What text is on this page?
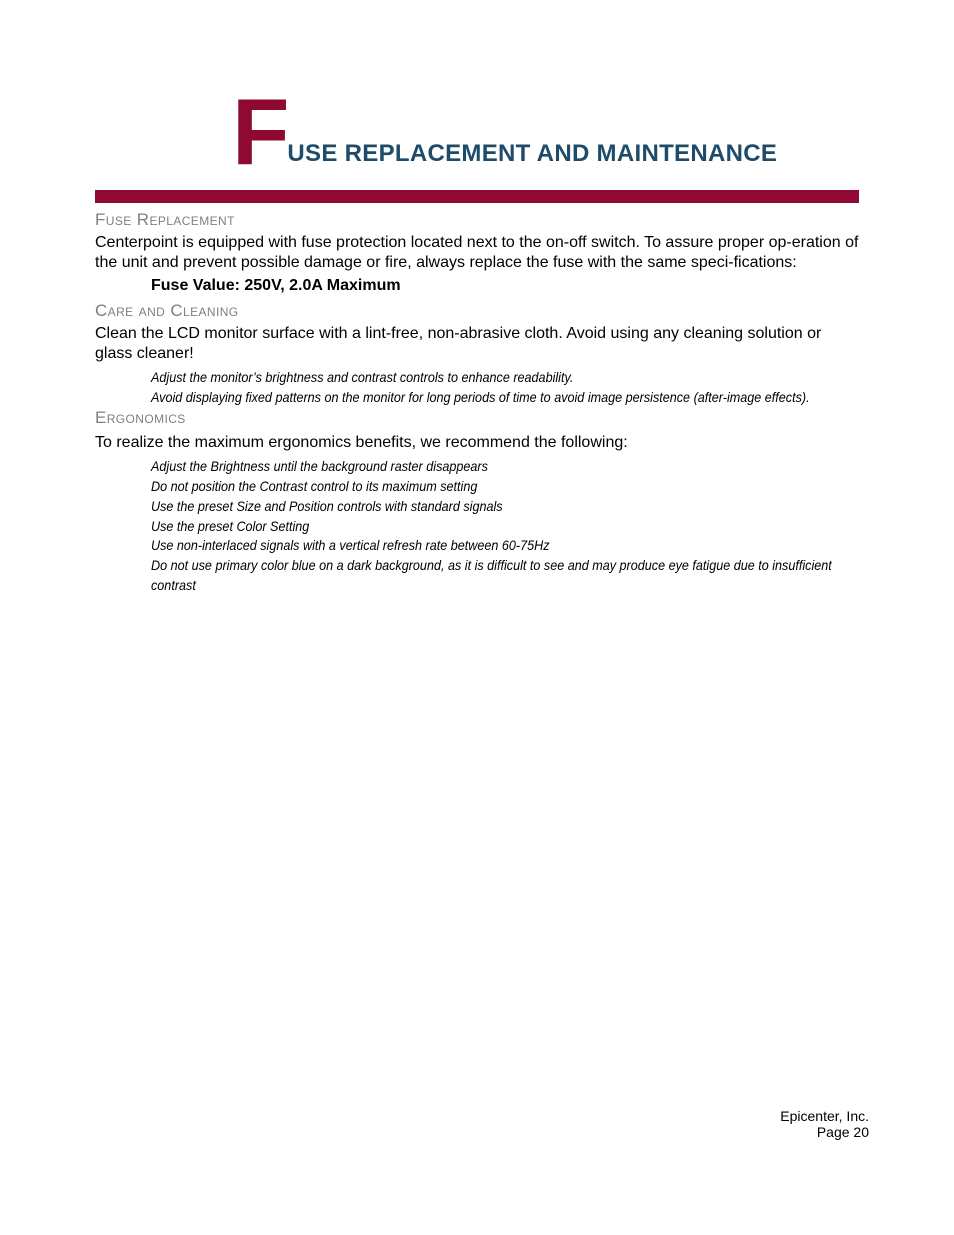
FUSE REPLACEMENT AND MAINTENANCE
Fuse Replacement

Centerpoint is equipped with fuse protection located next to the on-off switch. To assure proper op-eration of the unit and prevent possible damage or fire, always replace the fuse with the same speci-fications:

Fuse Value: 250V, 2.0A Maximum

Care and Cleaning

Clean the LCD monitor surface with a lint-free, non-abrasive cloth. Avoid using any cleaning solution or glass cleaner!

Adjust the monitor’s brightness and contrast controls to enhance readability.
Avoid displaying fixed patterns on the monitor for long periods of time to avoid image persistence (after-image effects).
Ergonomics

To realize the maximum ergonomics benefits, we recommend the following:

Adjust the Brightness until the background raster disappears
Do not position the Contrast control to its maximum setting
Use the preset Size and Position controls with standard signals
Use the preset Color Setting
Use non-interlaced signals with a vertical refresh rate between 60-75Hz
Do not use primary color blue on a dark background, as it is difficult to see and may produce eye fatigue due to insufficient contrast
Epicenter, Inc.
Page 20
